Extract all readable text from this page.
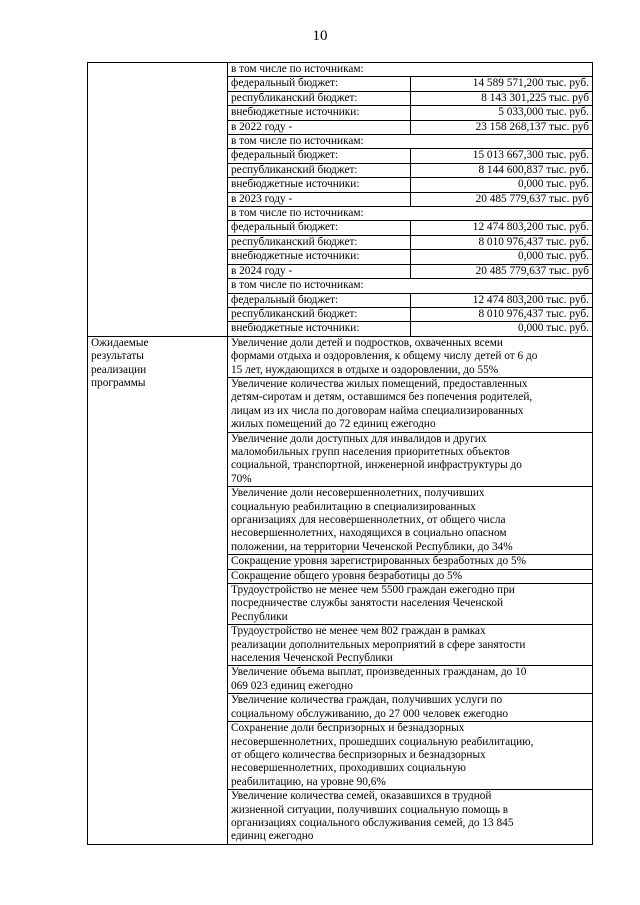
10
	в том числе по источникам:	
	федеральный бюджет:	14 589 571,200 тыс. руб.
	республиканский бюджет:	8 143 301,225 тыс. руб
	внебюджетные источники:	5 033,000 тыс. руб.
	в 2022 году -	23 158 268,137 тыс. руб
	в том числе по источникам:	
	федеральный бюджет:	15 013 667,300 тыс. руб.
	республиканский бюджет:	8 144 600,837 тыс. руб.
	внебюджетные источники:	0,000 тыс. руб.
	в 2023 году -	20 485 779,637 тыс. руб
	в том числе по источникам:	
	федеральный бюджет:	12 474 803,200 тыс. руб.
	республиканский бюджет:	8 010 976,437 тыс. руб.
	внебюджетные источники:	0,000 тыс. руб.
	в 2024 году -	20 485 779,637 тыс. руб
	в том числе по источникам:	
	федеральный бюджет:	12 474 803,200 тыс. руб.
	республиканский бюджет:	8 010 976,437 тыс. руб.
	внебюджетные источники:	0,000 тыс. руб.
Ожидаемые
результаты
реализации
программы	Увеличение доли детей и подростков, охваченных всеми
формами отдыха и оздоровления, к общему числу детей от 6 до
15 лет, нуждающихся в отдыхе и оздоровлении, до 55%	
	Увеличение количества жилых помещений, предоставленных
детям-сиротам и детям, оставшимся без попечения родителей,
лицам из их числа по договорам найма специализированных
жилых помещений до 72 единиц ежегодно	
	Увеличение доли доступных для инвалидов и других
маломобильных групп населения приоритетных объектов
социальной, транспортной, инженерной инфраструктуры до
70%	
	Увеличение доли несовершеннолетних, получивших
социальную реабилитацию в специализированных
организациях для несовершеннолетних, от общего числа
несовершеннолетних, находящихся в социально опасном
положении, на территории Чеченской Республики, до 34%	
	Сокращение уровня зарегистрированных безработных до 5%	
	Сокращение общего уровня безработицы до 5%	
	Трудоустройство не менее чем 5500 граждан ежегодно при
посредничестве службы занятости населения Чеченской
Республики	
	Трудоустройство не менее чем 802 граждан в рамках
реализации дополнительных мероприятий в сфере занятости
населения Чеченской Республики	
	Увеличение объема выплат, произведенных гражданам, до 10
069 023 единиц ежегодно	
	Увеличение количества граждан, получивших услуги по
социальному обслуживанию, до 27 000 человек ежегодно	
	Сохранение доли беспризорных и безнадзорных
несовершеннолетних, прошедших социальную реабилитацию,
от общего количества беспризорных и безнадзорных
несовершеннолетних, проходивших социальную
реабилитацию, на уровне 90,6%	
	Увеличение количества семей, оказавшихся в трудной
жизненной ситуации, получивших социальную помощь в
организациях социального обслуживания семей, до 13 845
единиц ежегодно	
